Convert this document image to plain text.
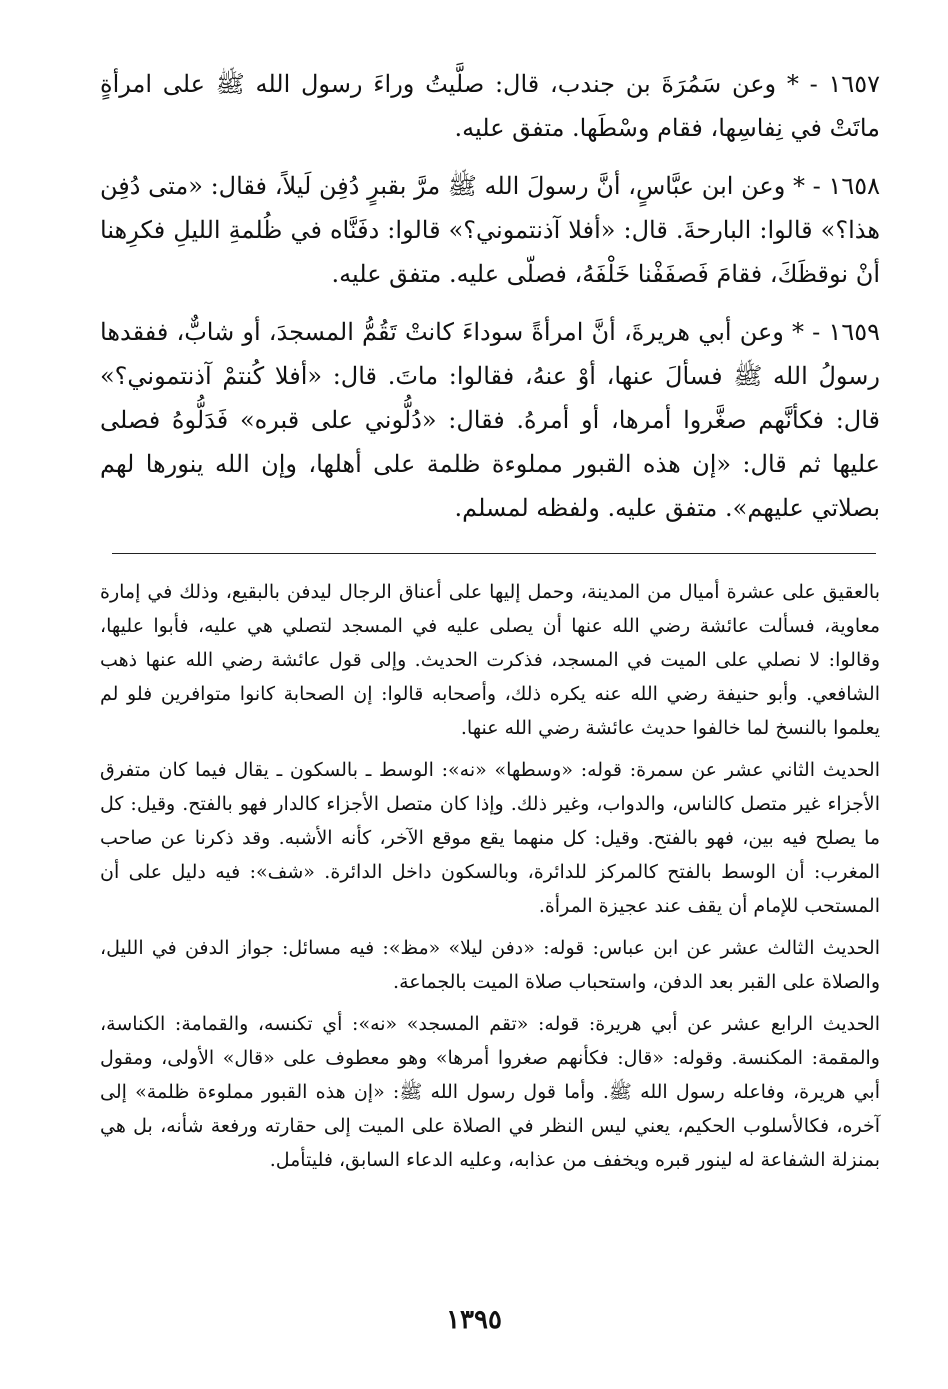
١٦٥٧ - * وعن سَمُرَةَ بن جندب، قال: صلَّيتُ وراءَ رسول الله ﷺ على امرأةٍ ماتَتْ في نِفاسِها، فقام وسْطَها. متفق عليه.

١٦٥٨ - * وعن ابن عبَّاسٍ، أنَّ رسولَ الله ﷺ مرَّ بقبرٍ دُفِن لَيلاً، فقال: «متى دُفِن هذا؟» قالوا: البارحةَ. قال: «أفلا آذنتموني؟» قالوا: دفَنَّاه في ظُلمةِ الليلِ فكرِهنا أنْ نوقظَكَ، فقامَ فَصفَفْنا خَلْفَهُ، فصلّى عليه. متفق عليه.

١٦٥٩ - * وعن أبي هريرةَ، أنَّ امرأةً سوداءَ كانتْ تَقُمُّ المسجدَ، أو شابٌّ، ففقدها رسولُ الله ﷺ فسألَ عنها، أوْ عنهُ، فقالوا: ماتَ. قال: «أفلا كُنتمْ آذنتموني؟» قال: فكأنَّهم صغَّروا أمرها، أو أمرهُ. فقال: «دُلُّوني على قبره» فَدَلُّوهُ فصلى عليها ثم قال: «إن هذه القبور مملوءة ظلمة على أهلها، وإن الله ينورها لهم بصلاتي عليهم». متفق عليه. ولفظه لمسلم.

بالعقيق على عشرة أميال من المدينة، وحمل إليها على أعناق الرجال ليدفن بالبقيع، وذلك في إمارة معاوية، فسألت عائشة رضي الله عنها أن يصلى عليه في المسجد لتصلي هي عليه، فأبوا عليها، وقالوا: لا نصلي على الميت في المسجد، فذكرت الحديث. وإلى قول عائشة رضي الله عنها ذهب الشافعي. وأبو حنيفة رضي الله عنه يكره ذلك، وأصحابه قالوا: إن الصحابة كانوا متوافرين فلو لم يعلموا بالنسخ لما خالفوا حديث عائشة رضي الله عنها.

الحديث الثاني عشر عن سمرة: قوله: «وسطها» «نه»: الوسط ـ بالسكون ـ يقال فيما كان متفرق الأجزاء غير متصل كالناس، والدواب، وغير ذلك. وإذا كان متصل الأجزاء كالدار فهو بالفتح. وقيل: كل ما يصلح فيه بين، فهو بالفتح. وقيل: كل منهما يقع موقع الآخر، كأنه الأشبه. وقد ذكرنا عن صاحب المغرب: أن الوسط بالفتح كالمركز للدائرة، وبالسكون داخل الدائرة. «شف»: فيه دليل على أن المستحب للإمام أن يقف عند عجيزة المرأة.

الحديث الثالث عشر عن ابن عباس: قوله: «دفن ليلا» «مظ»: فيه مسائل: جواز الدفن في الليل، والصلاة على القبر بعد الدفن، واستحباب صلاة الميت بالجماعة.

الحديث الرابع عشر عن أبي هريرة: قوله: «تقم المسجد» «نه»: أي تكنسه، والقمامة: الكناسة، والمقمة: المكنسة. وقوله: «قال: فكأنهم صغروا أمرها» وهو معطوف على «قال» الأولى، ومقول أبي هريرة، وفاعله رسول الله ﷺ. وأما قول رسول الله ﷺ: «إن هذه القبور مملوءة ظلمة» إلى آخره، فكالأسلوب الحكيم، يعني ليس النظر في الصلاة على الميت إلى حقارته ورفعة شأنه، بل هي بمنزلة الشفاعة له لينور قبره ويخفف من عذابه، وعليه الدعاء السابق، فليتأمل.

١٣٩٥
